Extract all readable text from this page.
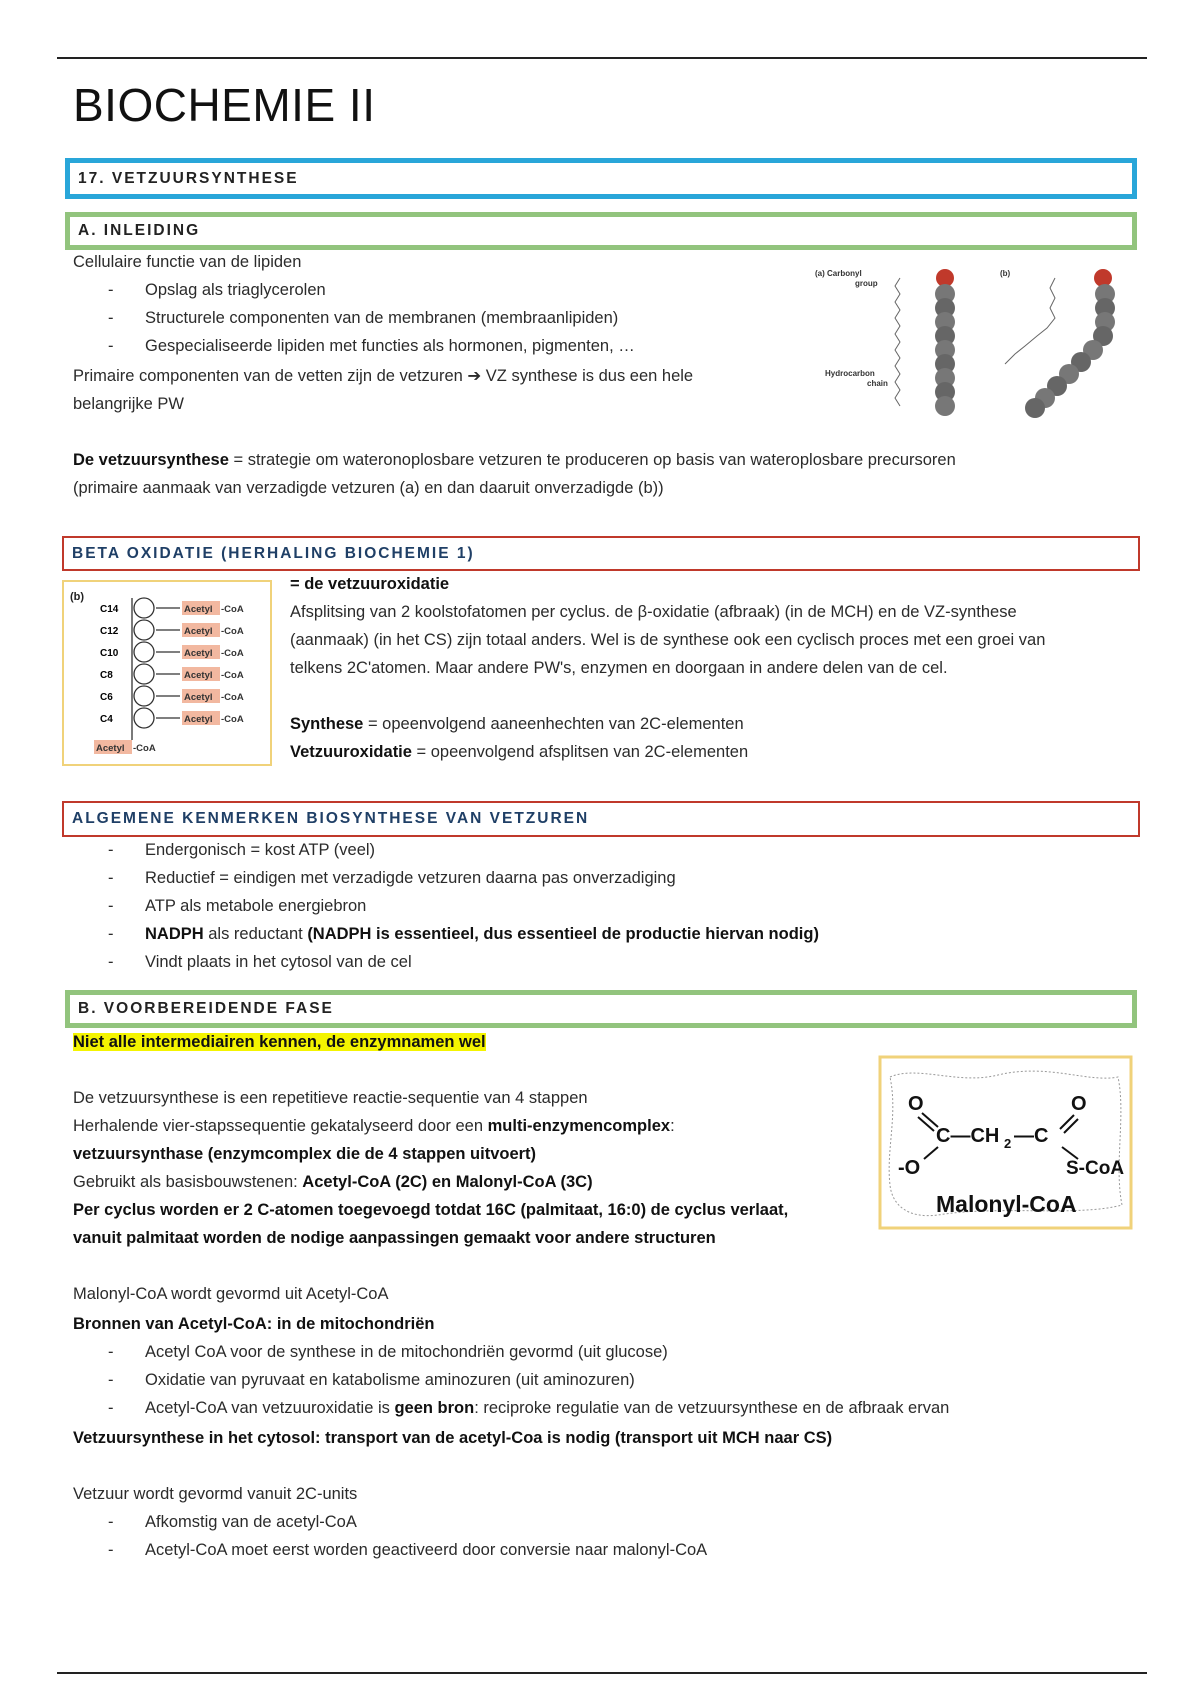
BIOCHEMIE II
17. VETZUURSYNTHESE
A. INLEIDING
Cellulaire functie van de lipiden
- Opslag als triaglycerolen
- Structurele componenten van de membranen (membraanlipiden)
- Gespecialiseerde lipiden met functies als hormonen, pigmenten, …
Primaire componenten van de vetten zijn de vetzuren ➔ VZ synthese is dus een hele
belangrijke PW
(a) Carbonyl
group
(b)
Hydrocarbon
chain
De vetzuursynthese = strategie om wateronoplosbare vetzuren te produceren op basis van wateroplosbare precursoren
(primaire aanmaak van verzadigde vetzuren (a) en dan daaruit onverzadigde (b))
BETA OXIDATIE (HERHALING BIOCHEMIE 1)
(b)
C14
C12
C10
C8
C6
C4
Acetyl -CoA
Acetyl -CoA
Acetyl -CoA
Acetyl -CoA
Acetyl -CoA
Acetyl -CoA
Acetyl -CoA
= de vetzuuroxidatie
Afsplitsing van 2 koolstofatomen per cyclus. de β-oxidatie (afbraak) (in de MCH) en de VZ-synthese
(aanmaak) (in het CS) zijn totaal anders. Wel is de synthese ook een cyclisch proces met een groei van
telkens 2C'atomen. Maar andere PW's, enzymen en doorgaan in andere delen van de cel.
Synthese = opeenvolgend aaneenhechten van 2C-elementen
Vetzuuroxidatie = opeenvolgend afsplitsen van 2C-elementen
ALGEMENE KENMERKEN BIOSYNTHESE VAN VETZUREN
- Endergonisch = kost ATP (veel)
- Reductief = eindigen met verzadigde vetzuren daarna pas onverzadiging
- ATP als metabole energiebron
- NADPH als reductant (NADPH is essentieel, dus essentieel de productie hiervan nodig)
- Vindt plaats in het cytosol van de cel
B. VOORBEREIDENDE FASE
Niet alle intermediairen kennen, de enzymnamen wel
De vetzuursynthese is een repetitieve reactie-sequentie van 4 stappen
Herhalende vier-stapssequentie gekatalyseerd door een multi-enzymencomplex:
vetzuursynthase (enzymcomplex die de 4 stappen uitvoert)
Gebruikt als basisbouwstenen: Acetyl-CoA (2C) en Malonyl-CoA (3C)
Per cyclus worden er 2 C-atomen toegevoegd totdat 16C (palmitaat, 16:0) de cyclus verlaat,
vanuit palmitaat worden de nodige aanpassingen gemaakt voor andere structuren
O	O
C—CH 2 —C
-O	S-CoA
Malonyl-CoA
Malonyl-CoA wordt gevormd uit Acetyl-CoA
Bronnen van Acetyl-CoA: in de mitochondriën
- Acetyl CoA voor de synthese in de mitochondriën gevormd (uit glucose)
- Oxidatie van pyruvaat en katabolisme aminozuren (uit aminozuren)
- Acetyl-CoA van vetzuuroxidatie is geen bron: reciproke regulatie van de vetzuursynthese en de afbraak ervan
Vetzuursynthese in het cytosol: transport van de acetyl-Coa is nodig (transport uit MCH naar CS)
Vetzuur wordt gevormd vanuit 2C-units
- Afkomstig van de acetyl-CoA
- Acetyl-CoA moet eerst worden geactiveerd door conversie naar malonyl-CoA
